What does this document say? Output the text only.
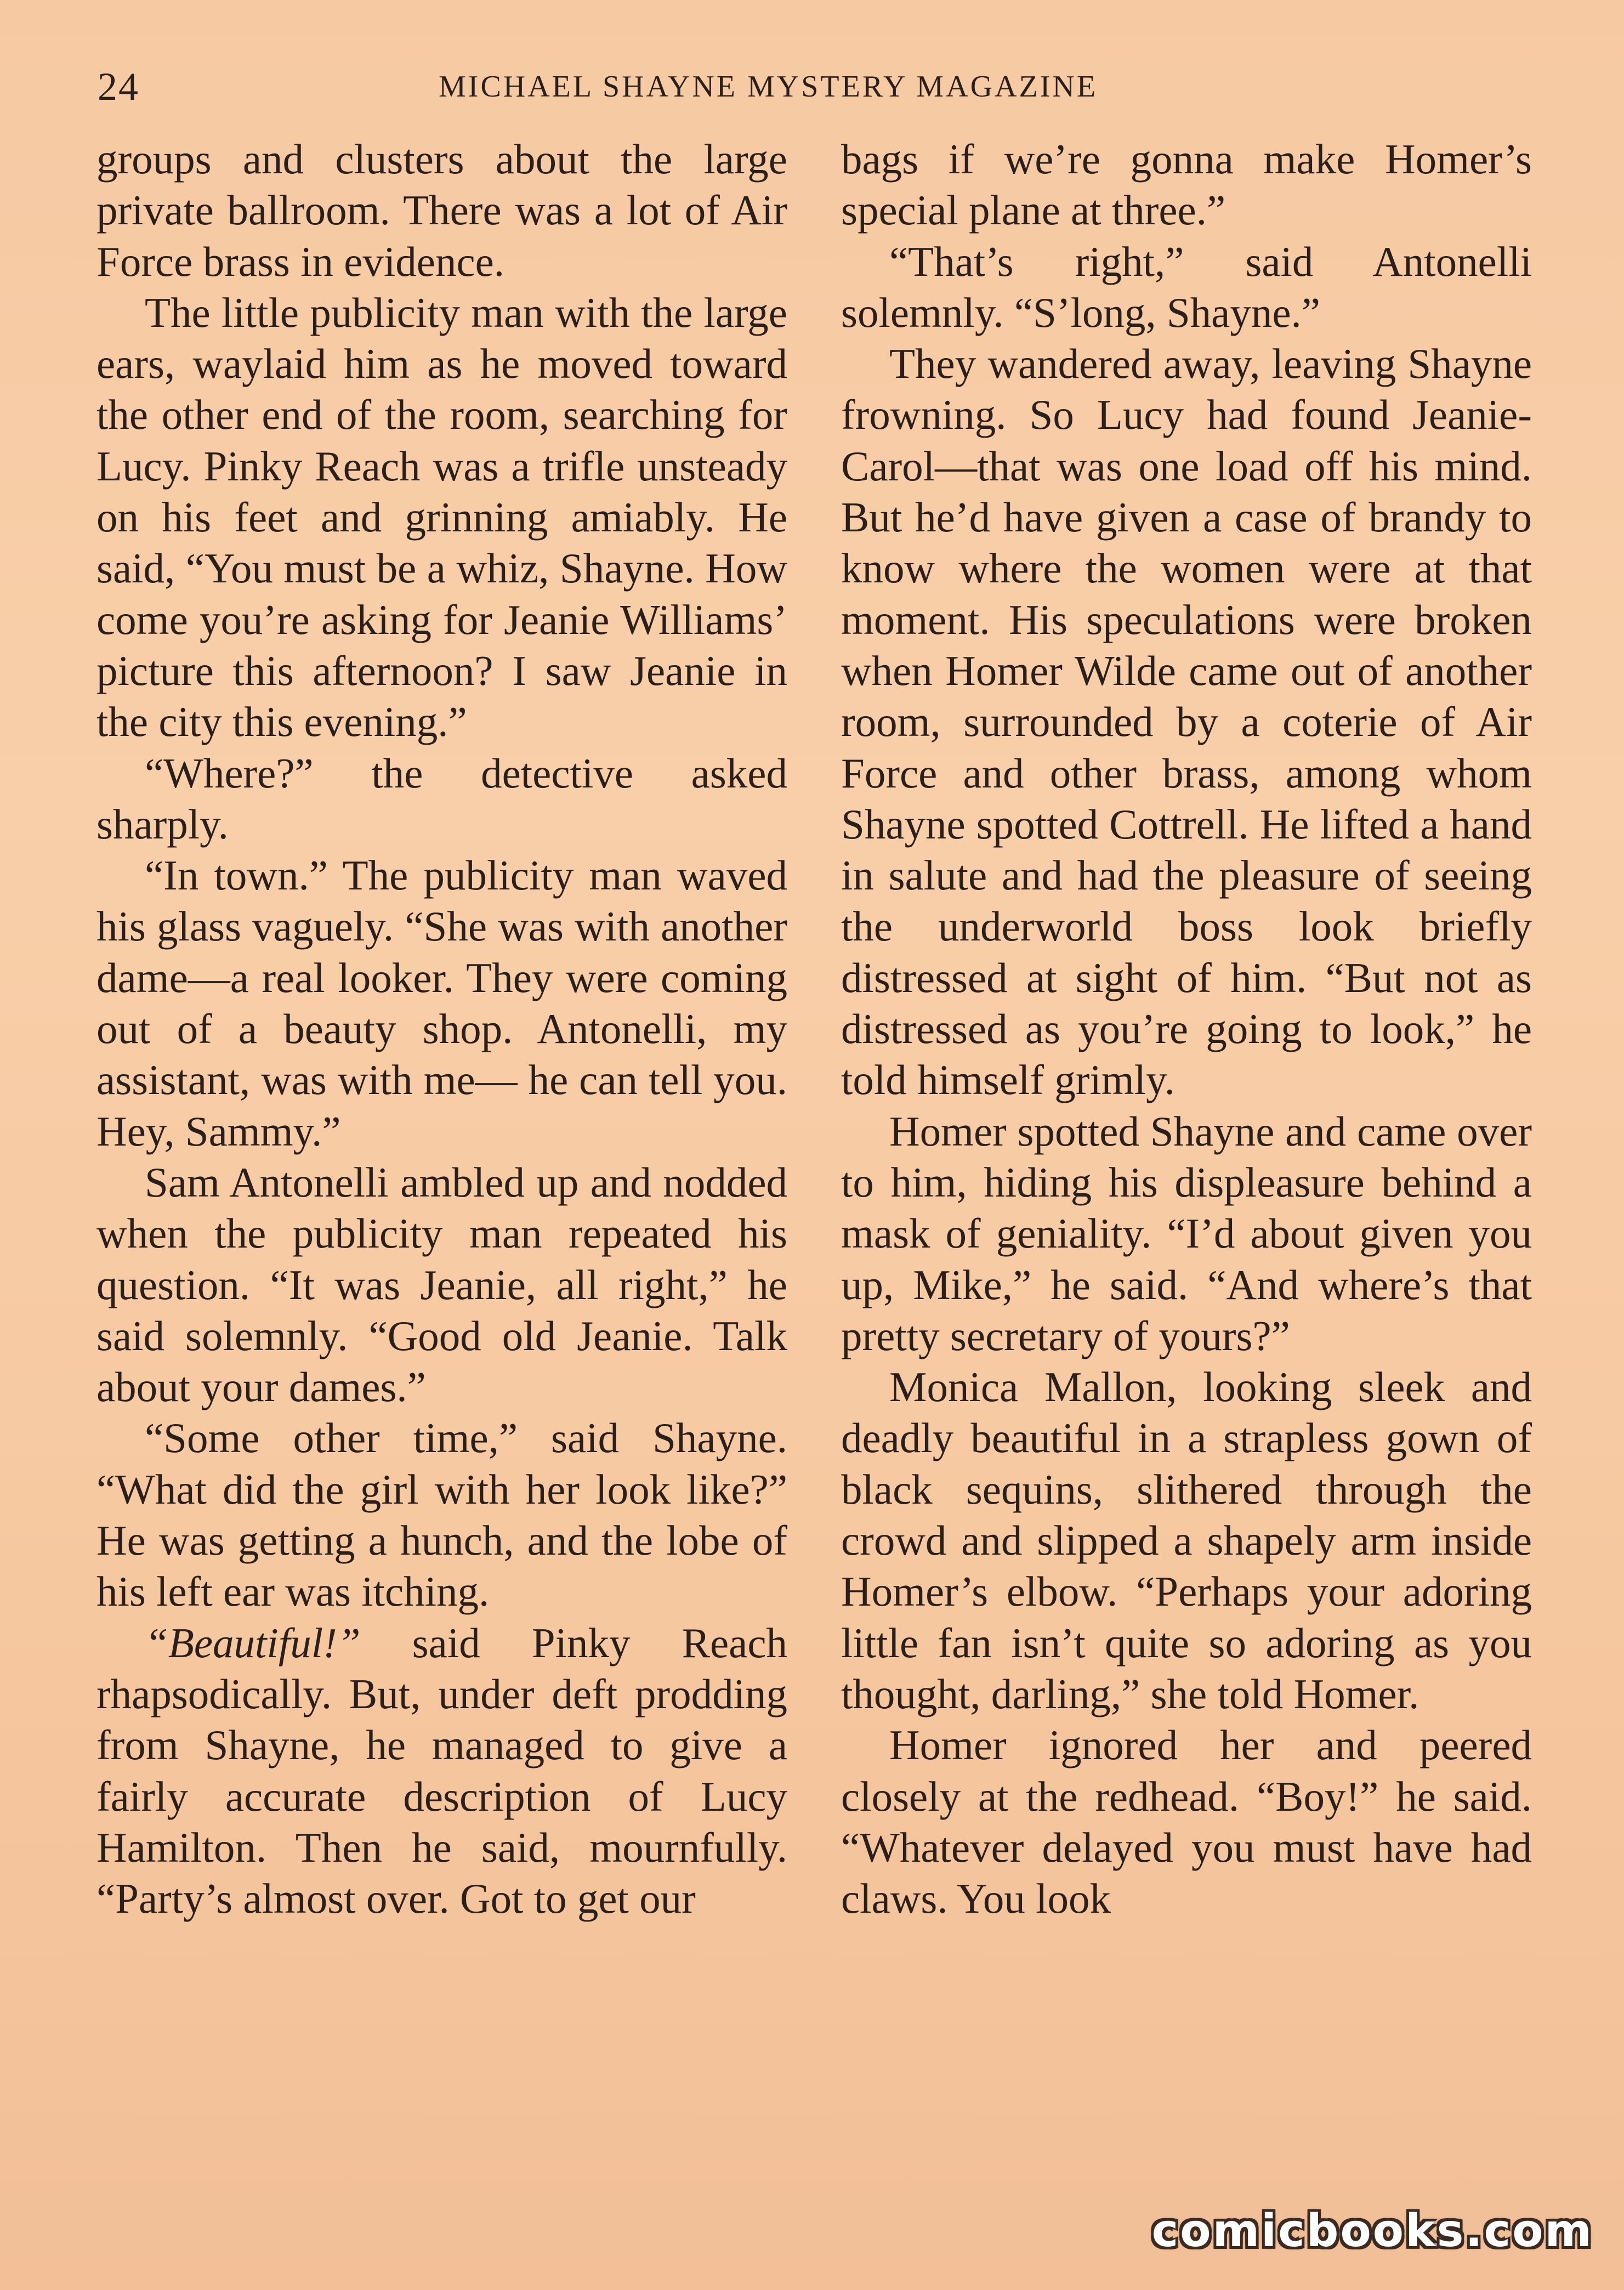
24	MICHAEL SHAYNE MYSTERY MAGAZINE

groups and clusters about the large private ballroom. There was a lot of Air Force brass in evidence.

The little publicity man with the large ears, waylaid him as he moved toward the other end of the room, searching for Lucy. Pinky Reach was a trifle unsteady on his feet and grinning amiably. He said, “You must be a whiz, Shayne. How come you’re asking for Jeanie Williams’ picture this afternoon? I saw Jeanie in the city this evening.”

“Where?” the detective asked sharply.

“In town.” The publicity man waved his glass vaguely. “She was with another dame—a real looker. They were coming out of a beauty shop. Antonelli, my assistant, was with me— he can tell you. Hey, Sammy.”

Sam Antonelli ambled up and nodded when the publicity man repeated his question. “It was Jeanie, all right,” he said solemnly. “Good old Jeanie. Talk about your dames.”

“Some other time,” said Shayne. “What did the girl with her look like?” He was getting a hunch, and the lobe of his left ear was itching.

“Beautiful!” said Pinky Reach rhapsodically. But, under deft prodding from Shayne, he managed to give a fairly accurate description of Lucy Hamilton. Then he said, mournfully. “Party’s almost over. Got to get our

bags if we’re gonna make Homer’s special plane at three.”

“That’s right,” said Antonelli solemnly. “S’long, Shayne.”

They wandered away, leaving Shayne frowning. So Lucy had found Jeanie-Carol—that was one load off his mind. But he’d have given a case of brandy to know where the women were at that moment. His speculations were broken when Homer Wilde came out of another room, surrounded by a coterie of Air Force and other brass, among whom Shayne spotted Cottrell. He lifted a hand in salute and had the pleasure of seeing the underworld boss look briefly distressed at sight of him. “But not as distressed as you’re going to look,” he told himself grimly.

Homer spotted Shayne and came over to him, hiding his displeasure behind a mask of geniality. “I’d about given you up, Mike,” he said. “And where’s that pretty secretary of yours?”

Monica Mallon, looking sleek and deadly beautiful in a strapless gown of black sequins, slithered through the crowd and slipped a shapely arm inside Homer’s elbow. “Perhaps your adoring little fan isn’t quite so adoring as you thought, darling,” she told Homer.

Homer ignored her and peered closely at the redhead. “Boy!” he said. “Whatever delayed you must have had claws. You look

comicbooks.com
